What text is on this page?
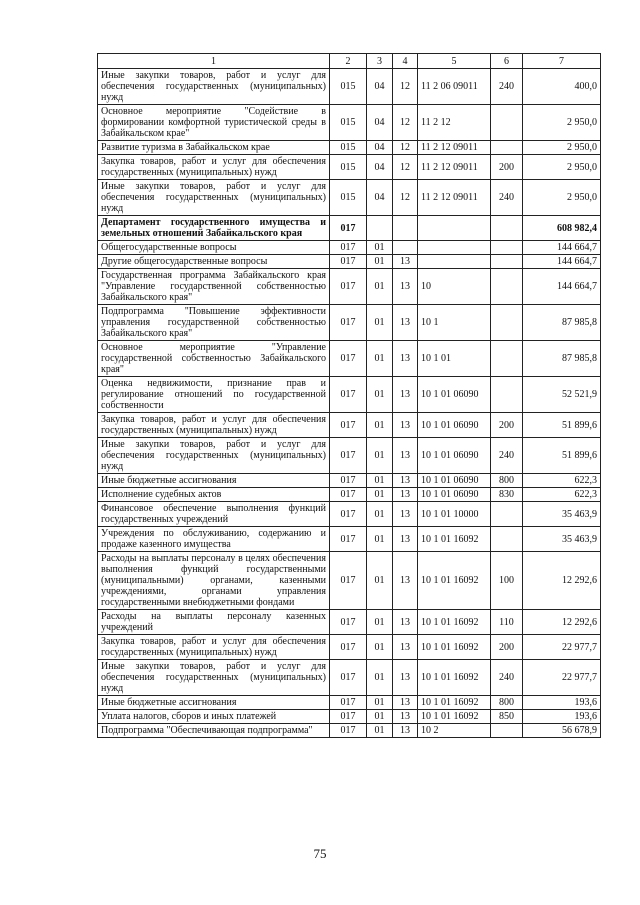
1	2	3	4	5	6	7
Иные закупки товаров, работ и услуг для обеспечения государственных (муниципальных) нужд	015	04	12	11 2 06 09011	240	400,0
Основное мероприятие "Содействие в формировании комфортной туристической среды в Забайкальском крае"	015	04	12	11 2 12		2 950,0
Развитие туризма в Забайкальском крае	015	04	12	11 2 12 09011		2 950,0
Закупка товаров, работ и услуг для обеспечения государственных (муниципальных) нужд	015	04	12	11 2 12 09011	200	2 950,0
Иные закупки товаров, работ и услуг для обеспечения государственных (муниципальных) нужд	015	04	12	11 2 12 09011	240	2 950,0
Департамент государственного имущества и земельных отношений Забайкальского края	017					608 982,4
Общегосударственные вопросы	017	01				144 664,7
Другие общегосударственные вопросы	017	01	13			144 664,7
Государственная программа Забайкальского края "Управление государственной собственностью Забайкальского края"	017	01	13	10		144 664,7
Подпрограмма "Повышение эффективности управления государственной собственностью Забайкальского края"	017	01	13	10 1		87 985,8
Основное мероприятие "Управление государственной собственностью Забайкальского края"	017	01	13	10 1 01		87 985,8
Оценка недвижимости, признание прав и регулирование отношений по государственной собственности	017	01	13	10 1 01 06090		52 521,9
Закупка товаров, работ и услуг для обеспечения государственных (муниципальных) нужд	017	01	13	10 1 01 06090	200	51 899,6
Иные закупки товаров, работ и услуг для обеспечения государственных (муниципальных) нужд	017	01	13	10 1 01 06090	240	51 899,6
Иные бюджетные ассигнования	017	01	13	10 1 01 06090	800	622,3
Исполнение судебных актов	017	01	13	10 1 01 06090	830	622,3
Финансовое обеспечение выполнения функций государственных учреждений	017	01	13	10 1 01 10000		35 463,9
Учреждения по обслуживанию, содержанию и продаже казенного имущества	017	01	13	10 1 01 16092		35 463,9
Расходы на выплаты персоналу в целях обеспечения выполнения функций государственными (муниципальными) органами, казенными учреждениями, органами управления государственными внебюджетными фондами	017	01	13	10 1 01 16092	100	12 292,6
Расходы на выплаты персоналу казенных учреждений	017	01	13	10 1 01 16092	110	12 292,6
Закупка товаров, работ и услуг для обеспечения государственных (муниципальных) нужд	017	01	13	10 1 01 16092	200	22 977,7
Иные закупки товаров, работ и услуг для обеспечения государственных (муниципальных) нужд	017	01	13	10 1 01 16092	240	22 977,7
Иные бюджетные ассигнования	017	01	13	10 1 01 16092	800	193,6
Уплата налогов, сборов и иных платежей	017	01	13	10 1 01 16092	850	193,6
Подпрограмма "Обеспечивающая подпрограмма"	017	01	13	10 2		56 678,9
75
